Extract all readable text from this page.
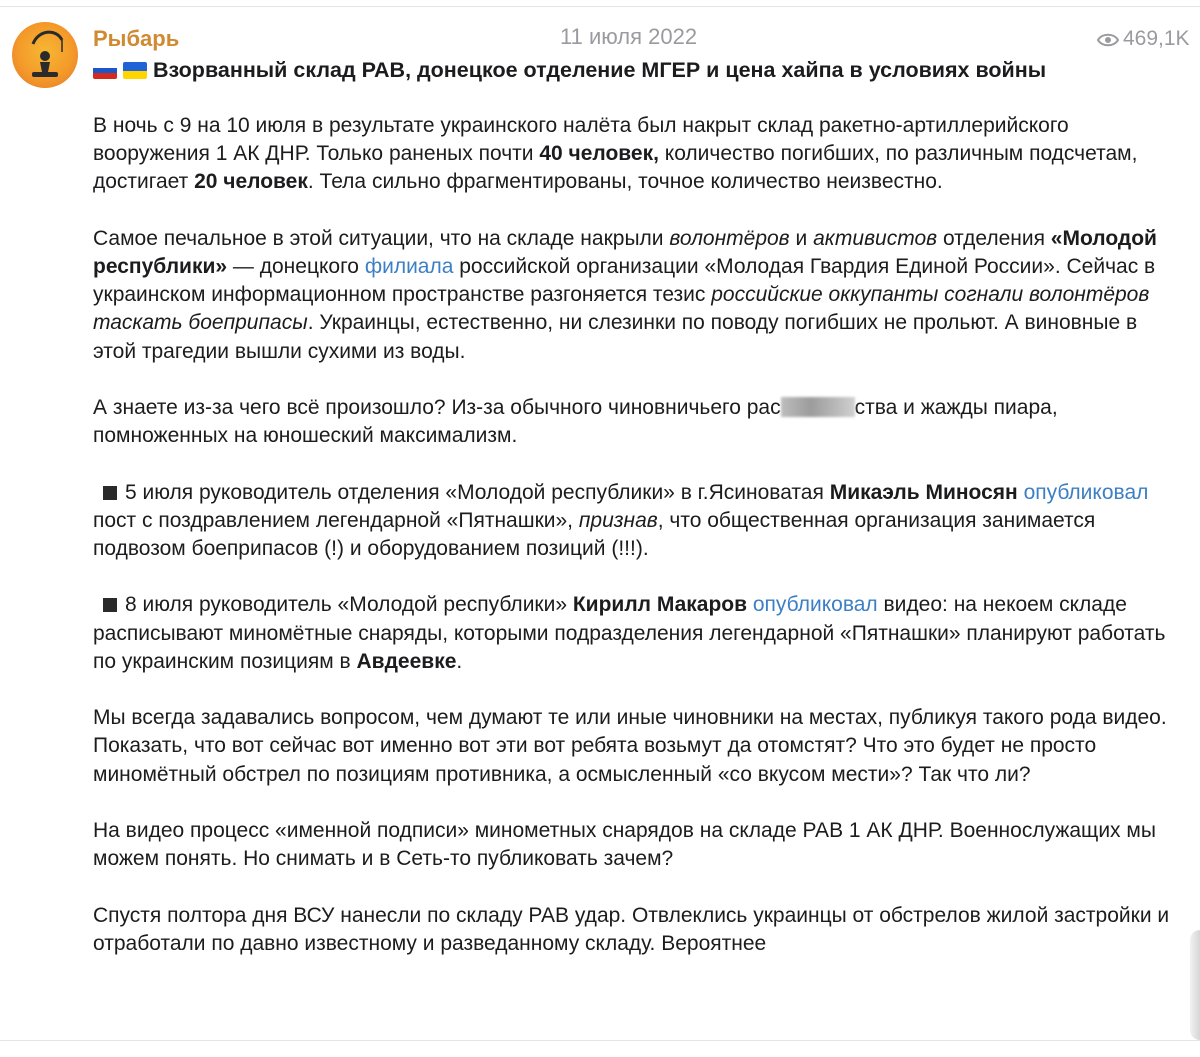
Рыбарь	11 июля 2022	469,1K
Взорванный склад РАВ, донецкое отделение МГЕР и цена хайпа в условиях войны

В ночь с 9 на 10 июля в результате украинского налёта был накрыт склад ракетно-артиллерийского вооружения 1 АК ДНР. Только раненых почти 40 человек, количество погибших, по различным подсчетам, достигает 20 человек. Тела сильно фрагментированы, точное количество неизвестно.

Самое печальное в этой ситуации, что на складе накрыли волонтёров и активистов отделения «Молодой республики» — донецкого филиала российской организации «Молодая Гвардия Единой России». Сейчас в украинском информационном пространстве разгоняется тезис российские оккупанты согнали волонтёров таскать боеприпасы. Украинцы, естественно, ни слезинки по поводу погибших не прольют. А виновные в этой трагедии вышли сухими из воды.

А знаете из-за чего всё произошло? Из-за обычного чиновничьего рас	ства и жажды пиара, помноженных на юношеский максимализм.

5 июля руководитель отделения «Молодой республики» в г.Ясиноватая Микаэль Миносян опубликовал пост с поздравлением легендарной «Пятнашки», признав, что общественная организация занимается подвозом боеприпасов (!) и оборудованием позиций (!!!).

8 июля руководитель «Молодой республики» Кирилл Макаров опубликовал видео: на некоем складе расписывают миномётные снаряды, которыми подразделения легендарной «Пятнашки» планируют работать по украинским позициям в Авдеевке.

Мы всегда задавались вопросом, чем думают те или иные чиновники на местах, публикуя такого рода видео. Показать, что вот сейчас вот именно вот эти вот ребята возьмут да отомстят? Что это будет не просто миномётный обстрел по позициям противника, а осмысленный «со вкусом мести»? Так что ли?

На видео процесс «именной подписи» минометных снарядов на складе РАВ 1 АК ДНР. Военнослужащих мы можем понять. Но снимать и в Сеть-то публиковать зачем?

Спустя полтора дня ВСУ нанесли по складу РАВ удар. Отвлеклись украинцы от обстрелов жилой застройки и отработали по давно известному и разведанному складу. Вероятнее
